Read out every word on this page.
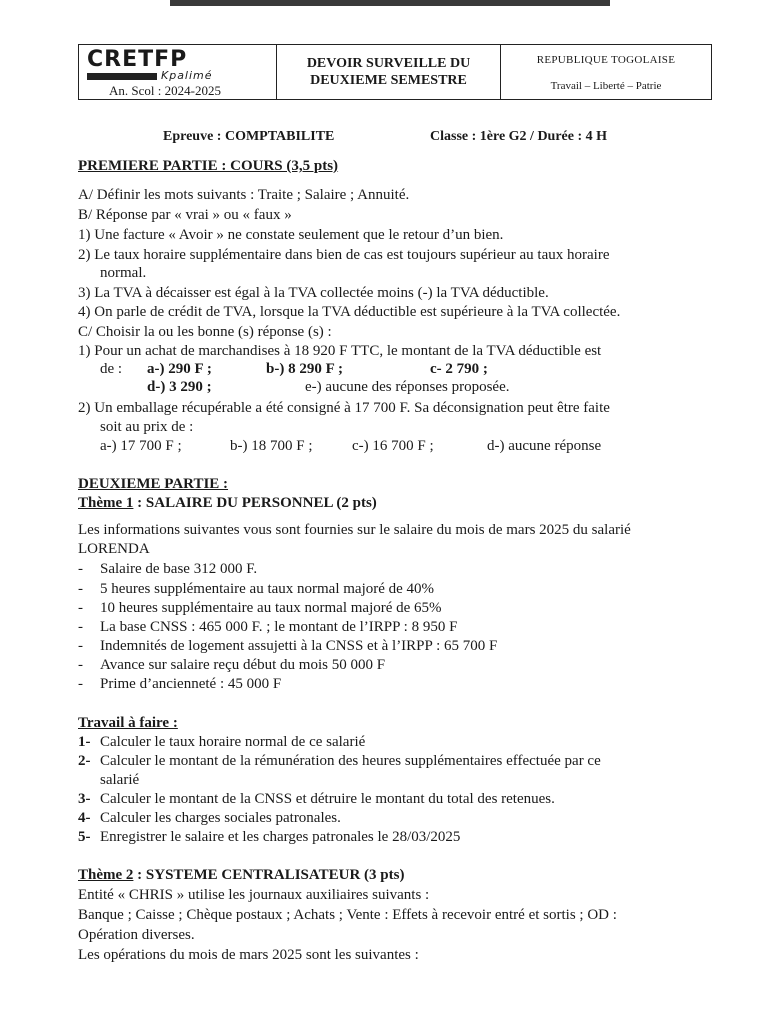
CRETFP
Kpalimé
An. Scol : 2024-2025
DEVOIR SURVEILLE DU
DEUXIEME SEMESTRE
REPUBLIQUE TOGOLAISE
Travail – Liberté – Patrie
Epreuve : COMPTABILITE	Classe : 1ère G2 / Durée : 4 H
PREMIERE PARTIE : COURS (3,5 pts)
A/ Définir les mots suivants : Traite ; Salaire ; Annuité.
B/ Réponse par « vrai » ou « faux »
1) Une facture « Avoir » ne constate seulement que le retour d’un bien.
2) Le taux horaire supplémentaire dans bien de cas est toujours supérieur au taux horaire
normal.
3) La TVA à décaisser est égal à la TVA collectée moins (-) la TVA déductible.
4) On parle de crédit de TVA, lorsque la TVA déductible est supérieure à la TVA collectée.
C/ Choisir la ou les bonne (s) réponse (s) :
1) Pour un achat de marchandises à 18 920 F TTC, le montant de la TVA déductible est
de : a-) 290 F ;	b-) 8 290 F ;	c- 2 790 ;
d-) 3 290 ;	e-) aucune des réponses proposée.
2) Un emballage récupérable a été consigné à 17 700 F. Sa déconsignation peut être faite
soit au prix de :
a-) 17 700 F ;	b-) 18 700 F ;	c-) 16 700 F ;	d-) aucune réponse
DEUXIEME PARTIE :
Thème 1 : SALAIRE DU PERSONNEL (2 pts)
Les informations suivantes vous sont fournies sur le salaire du mois de mars 2025 du salarié
LORENDA
- Salaire de base 312 000 F.
- 5 heures supplémentaire au taux normal majoré de 40%
- 10 heures supplémentaire au taux normal majoré de 65%
- La base CNSS : 465 000 F. ; le montant de l’IRPP : 8 950 F
- Indemnités de logement assujetti à la CNSS et à l’IRPP : 65 700 F
- Avance sur salaire reçu début du mois 50 000 F
- Prime d’ancienneté : 45 000 F
Travail à faire :
1- Calculer le taux horaire normal de ce salarié
2- Calculer le montant de la rémunération des heures supplémentaires effectuée par ce
salarié
3- Calculer le montant de la CNSS et détruire le montant du total des retenues.
4- Calculer les charges sociales patronales.
5- Enregistrer le salaire et les charges patronales le 28/03/2025
Thème 2 : SYSTEME CENTRALISATEUR (3 pts)
Entité « CHRIS » utilise les journaux auxiliaires suivants :
Banque ; Caisse ; Chèque postaux ; Achats ; Vente : Effets à recevoir entré et sortis ; OD :
Opération diverses.
Les opérations du mois de mars 2025 sont les suivantes :
